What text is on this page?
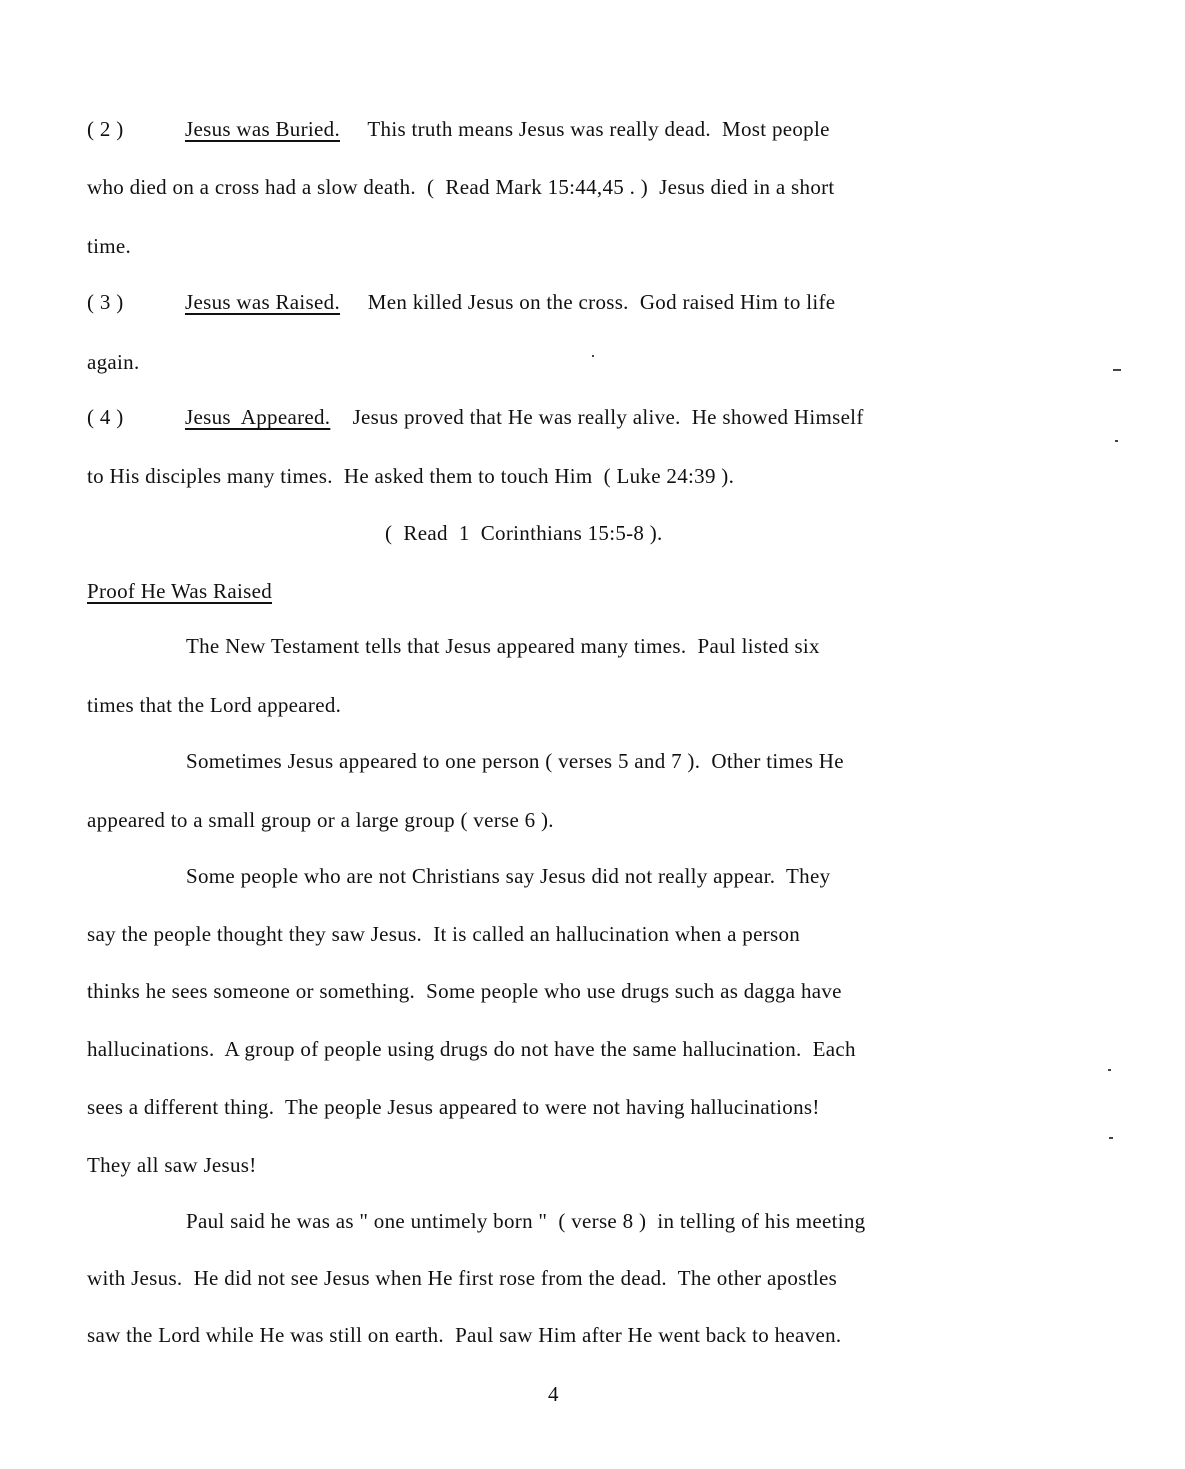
( 2 )	Jesus was Buried. This truth means Jesus was really dead.  Most people
who died on a cross had a slow death.  (  Read Mark 15:44,45 . )  Jesus died in a short
time.
( 3 )	Jesus was Raised. Men killed Jesus on the cross.  God raised Him to life
again.
( 4 )	Jesus  Appeared. Jesus proved that He was really alive.  He showed Himself
to His disciples many times.  He asked them to touch Him  ( Luke 24:39 ).
(  Read  1  Corinthians 15:5-8 ).
Proof He Was Raised
The New Testament tells that Jesus appeared many times.  Paul listed six
times that the Lord appeared.
Sometimes Jesus appeared to one person ( verses 5 and 7 ).  Other times He
appeared to a small group or a large group ( verse 6 ).
Some people who are not Christians say Jesus did not really appear.  They
say the people thought they saw Jesus.  It is called an hallucination when a person
thinks he sees someone or something.  Some people who use drugs such as dagga have
hallucinations.  A group of people using drugs do not have the same hallucination.  Each
sees a different thing.  The people Jesus appeared to were not having hallucinations!
They all saw Jesus!
Paul said he was as " one untimely born "  ( verse 8 )  in telling of his meeting
with Jesus.  He did not see Jesus when He first rose from the dead.  The other apostles
saw the Lord while He was still on earth.  Paul saw Him after He went back to heaven.
4
